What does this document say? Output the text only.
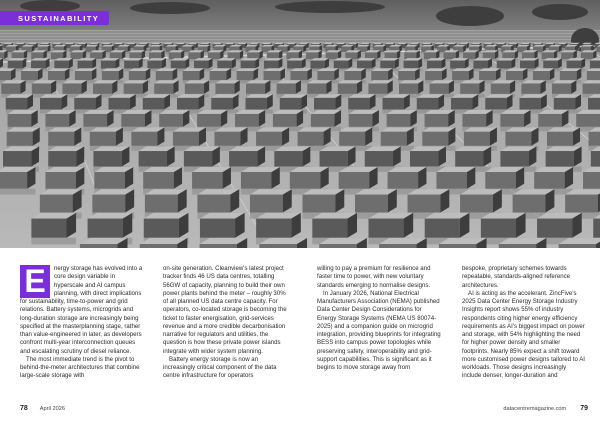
SUSTAINABILITY
E	nergy storage has evolved into a core design variable in hyperscale and AI campus planning, with direct implications for sustainability, time-to-power and grid relations. Battery systems, microgrids and long-duration storage are increasingly being specified at the masterplanning stage, rather than value-engineered in later, as developers confront multi-year interconnection queues and escalating scrutiny of diesel reliance.

The most immediate trend is the pivot to behind-the-meter architectures that combine large-scale storage with

on-site generation. Cleanview's latest project tracker finds 46 US data centres, totalling 56GW of capacity, planning to build their own power plants behind the meter – roughly 30% of all planned US data centre capacity. For operators, co-located storage is becoming the ticket to faster energisation, grid-services revenue and a more credible decarbonisation narrative for regulators and utilities, the question is how these private power islands integrate with wider system planning.

Battery energy storage is now an increasingly critical component of the data centre infrastructure for operators

willing to pay a premium for resilience and faster time to power, with new voluntary standards emerging to normalise designs.

In January 2026, National Electrical Manufacturers Association (NEMA) published Data Center Design Considerations for Energy Storage Systems (NEMA US 80074-2025) and a companion guide on microgrid integration, providing blueprints for integrating BESS into campus power topologies while preserving safety, interoperability and grid-support capabilities. This is significant as it begins to move storage away from

bespoke, proprietary schemes towards repeatable, standards-aligned reference architectures.

AI is acting as the accelerant. ZincFive's 2025 Data Center Energy Storage Industry Insights report shows 55% of industry respondents citing higher energy efficiency requirements as AI's biggest impact on power and storage, with 54% highlighting the need for higher power density and smaller footprints. Nearly 85% expect a shift toward more customised power designs tailored to AI workloads. Those designs increasingly include denser, longer-duration and

78 April 2026	datacentremagazine.com 79
